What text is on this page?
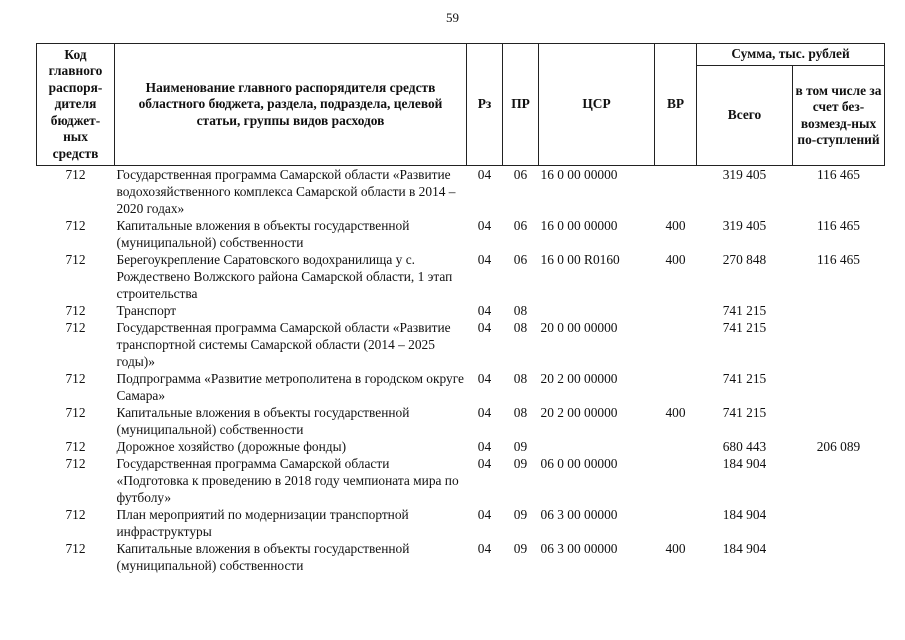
59
Код главного распоря-дителя бюджет-ных средств	Наименование главного распорядителя средств областного бюджета, раздела, подраздела, целевой статьи, группы видов расходов	Рз	ПР	ЦСР	ВР	Сумма, тыс. рублей	
						Всего	в том числе за счет без-возмезд-ных по-ступлений
712	Государственная программа Самарской области «Развитие водохозяйственного комплекса Самарской области в 2014 – 2020 годах»	04	06	16 0 00 00000		319 405	116 465
712	Капитальные вложения в объекты государственной (муниципальной) собственности	04	06	16 0 00 00000	400	319 405	116 465
712	Берегоукрепление Саратовского водохранилища у с. Рождествено Волжского района Самарской области, 1 этап строительства	04	06	16 0 00 R0160	400	270 848	116 465
712	Транспорт	04	08			741 215	
712	Государственная программа Самарской области «Развитие транспортной системы Самарской области (2014 – 2025 годы)»	04	08	20 0 00 00000		741 215	
712	Подпрограмма «Развитие метрополитена в городском округе Самара»	04	08	20 2 00 00000		741 215	
712	Капитальные вложения в объекты государственной (муниципальной) собственности	04	08	20 2 00 00000	400	741 215	
712	Дорожное хозяйство (дорожные фонды)	04	09			680 443	206 089
712	Государственная программа Самарской области «Подготовка к проведению в 2018 году чемпионата мира по футболу»	04	09	06 0 00 00000		184 904	
712	План мероприятий по модернизации транспортной инфраструктуры	04	09	06 3 00 00000		184 904	
712	Капитальные вложения в объекты государственной (муниципальной) собственности	04	09	06 3 00 00000	400	184 904	
